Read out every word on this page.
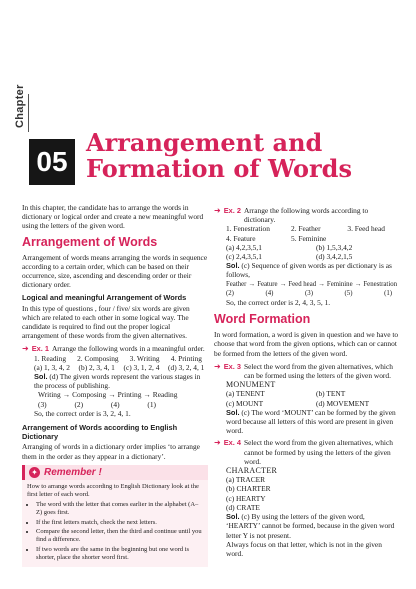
Chapter
05
Arrangement and
Formation of Words

In this chapter, the candidate has to arrange the words in dictionary or logical order and create a new meaningful word using the letters of the given word.

Arrangement of Words

Arrangement of words means arranging the words in sequence according to a certain order, which can be based on their occurrence, size, ascending and descending order or their dictionary order.

Logical and meaningful Arrangement of Words

In this type of questions , four / five/ six words are given which are related to each other in some logical way. The candidate is required to find out the proper logical arrangement of these words from the given alternatives.

➜ Ex. 1 Arrange the following words in a meaningful order.
1. Reading	2. Composing	3. Writing	4. Printing
(a) 1, 3, 4, 2	(b) 2, 3, 4, 1	(c) 3, 1, 2, 4	(d) 3, 2, 4, 1
Sol. (d) The given words represent the various stages in the process of publishing.
Writing → Composing → Printing → Reading
(3)	(2)	(4)	(1)
So, the correct order is 3, 2, 4, 1.
Arrangement of Words according to English Dictionary

Arranging of words in a dictionary order implies ‘to arrange them in the order as they appear in a dictionary’.

✦ Remember !
How to arrange words according to English Dictionary look at the first letter of each word.
• The word with the letter that comes earlier in the alphabet (A–Z) goes first.
• If the first letters match, check the next letters.
• Compare the second letter, then the third and continue until you find a difference.
• If two words are the same in the beginning but one word is shorter, place the shorter word first.
➜ Ex. 2 Arrange the following words according to dictionary.
1. Fenestration	2. Feather	3. Feed head
4. Feature	5. Feminine
(a) 4,2,3,5,1	(b) 1,5,3,4,2
(c) 2,4,3,5,1	(d) 3,4,2,1,5
Sol. (c) Sequence of given words as per dictionary is as follows,
Feather → Feature → Feed head → Feminine → Fenestration
(2)	(4)	(3)	(5)	(1)
So, the correct order is 2, 4, 3, 5, 1.
Word Formation

In word formation, a word is given in question and we have to choose that word from the given options, which can or cannot be formed from the letters of the given word.

➜ Ex. 3 Select the word from the given alternatives, which can be formed using the letters of the given word.
MONUMENT
(a) TENENT	(b) TENT
(c) MOUNT	(d) MOVEMENT
Sol. (c) The word ‘MOUNT’ can be formed by the given word because all letters of this word are present in given word.
➜ Ex. 4 Select the word from the given alternatives, which cannot be formed by using the letters of the given word.
CHARACTER
(a) TRACER
(b) CHARTER
(c) HEARTY
(d) CRATE
Sol. (c) By using the letters of the given word, ‘HEARTY’ cannot be formed, because in the given word letter Y is not present.
Always focus on that letter, which is not in the given word.
